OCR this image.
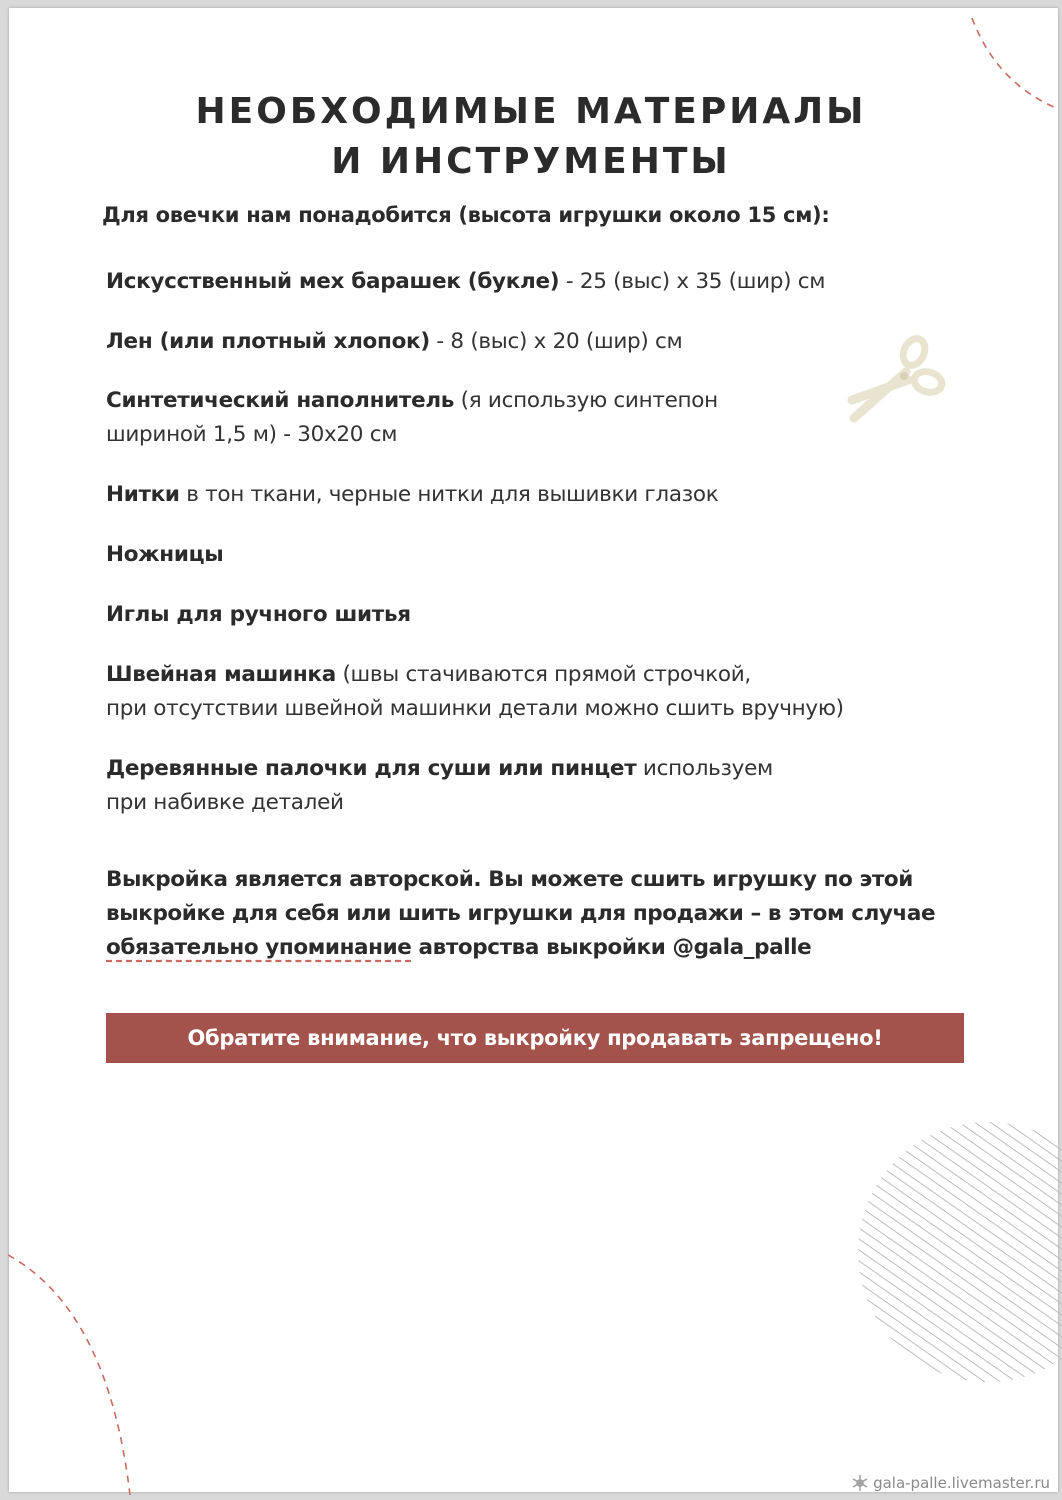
НЕОБХОДИМЫЕ МАТЕРИАЛЫ
И ИНСТРУМЕНТЫ
Для овечки нам понадобится (высота игрушки около 15 см):
Искусственный мех барашек (букле) - 25 (выс) х 35 (шир) см
Лен (или плотный хлопок) - 8 (выс) х 20 (шир) см
Синтетический наполнитель (я использую синтепон
шириной 1,5 м) - 30х20 см
Нитки в тон ткани, черные нитки для вышивки глазок
Ножницы
Иглы для ручного шитья
Швейная машинка (швы стачиваются прямой строчкой,
при отсутствии швейной машинки детали можно сшить вручную)
Деревянные палочки для суши или пинцет используем
при набивке деталей
Выкройка является авторской. Вы можете сшить игрушку по этой
выкройке для себя или шить игрушки для продажи – в этом случае
обязательно упоминание авторства выкройки @gala_palle
Обратите внимание, что выкройку продавать запрещено!
gala-palle.livemaster.ru
